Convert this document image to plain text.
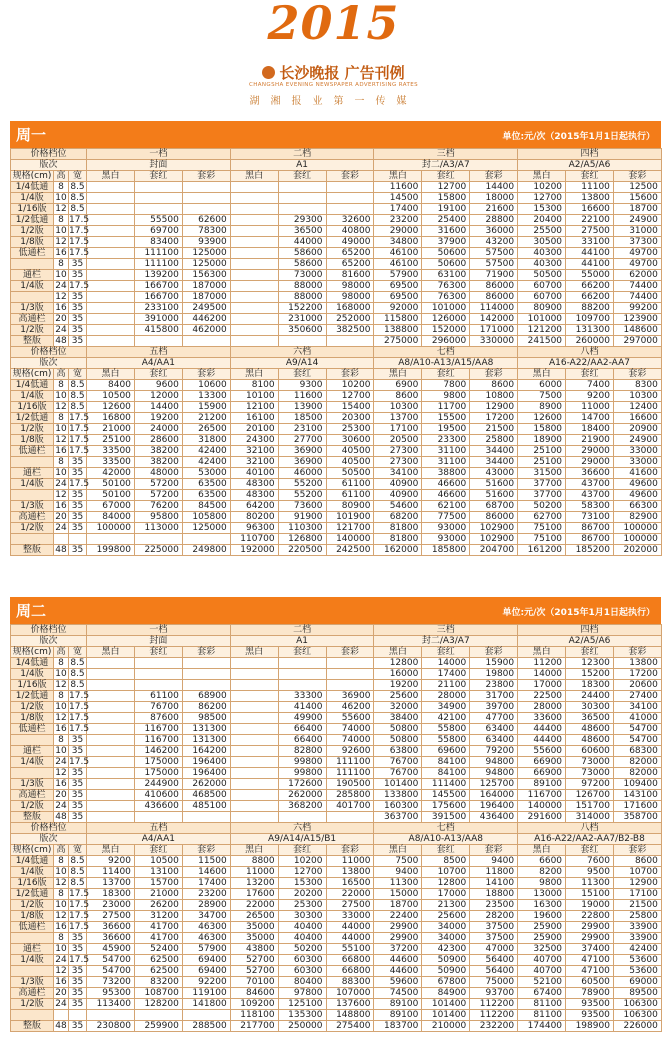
2015
长沙晚报 广告刊例
CHANGSHA EVENING NEWSPAPER ADVERTISING RATES
湖湘报业第一传媒
周一	单位:元/次（2015年1月1日起执行）
价格档位			一档			二档			三档			四档		
版次			封面			A1			封二/A3/A7			A2/A5/A6		
规格(cm)	高	宽	黑白	套红	套彩	黑白	套红	套彩	黑白	套红	套彩	黑白	套红	套彩
1/4低通	8	8.5							11600	12700	14400	10200	11100	12500
1/4版	10	8.5							14500	15800	18000	12700	13800	15600
1/16版	12	8.5							17400	19100	21600	15300	16600	18700
1/2低通	8	17.5		55500	62600		29300	32600	23200	25400	28800	20400	22100	24900
1/2版	10	17.5		69700	78300		36500	40800	29000	31600	36000	25500	27500	31000
1/8版	12	17.5		83400	93900		44000	49000	34800	37900	43200	30500	33100	37300
低通栏	16	17.5		111100	125000		58600	65200	46100	50600	57500	40300	44100	49700
	8	35		111100	125000		58600	65200	46100	50600	57500	40300	44100	49700
通栏	10	35		139200	156300		73000	81600	57900	63100	71900	50500	55000	62000
1/4版	24	17.5		166700	187000		88000	98000	69500	76300	86000	60700	66200	74400
	12	35		166700	187000		88000	98000	69500	76300	86000	60700	66200	74400
1/3版	16	35		233100	249500		152200	168000	92000	101000	114000	80900	88200	99200
高通栏	20	35		391000	446200		231000	252000	115800	126000	142000	101000	109700	123900
1/2版	24	35		415800	462000		350600	382500	138800	152000	171000	121200	131300	148600
整版	48	35							275000	296000	330000	241500	260000	297000
价格档位			五档			六档			七档			八档		
版次			A4/AA1			A9/A14			A8/A10-A13/A15/AA8			A16-A22/AA2-AA7		
规格(cm)	高	宽	黑白	套红	套彩	黑白	套红	套彩	黑白	套红	套彩	黑白	套红	套彩
1/4低通	8	8.5	8400	9600	10600	8100	9300	10200	6900	7800	8600	6000	7400	8300
1/4版	10	8.5	10500	12000	13300	10100	11600	12700	8600	9800	10800	7500	9200	10300
1/16版	12	8.5	12600	14400	15900	12100	13900	15400	10300	11700	12900	8900	11000	12400
1/2低通	8	17.5	16800	19200	21200	16100	18500	20300	13700	15500	17200	12600	14700	16600
1/2版	10	17.5	21000	24000	26500	20100	23100	25300	17100	19500	21500	15800	18400	20900
1/8版	12	17.5	25100	28600	31800	24300	27700	30600	20500	23300	25800	18900	21900	24900
低通栏	16	17.5	33500	38200	42400	32100	36900	40500	27300	31100	34400	25100	29000	33000
	8	35	33500	38200	42400	32100	36900	40500	27300	31100	34400	25100	29000	33000
通栏	10	35	42000	48000	53000	40100	46000	50500	34100	38800	43000	31500	36600	41600
1/4版	24	17.5	50100	57200	63500	48300	55200	61100	40900	46600	51600	37700	43700	49600
	12	35	50100	57200	63500	48300	55200	61100	40900	46600	51600	37700	43700	49600
1/3版	16	35	67000	76200	84500	64200	73600	80900	54600	62100	68700	50200	58300	66300
高通栏	20	35	84000	95800	105800	80200	91900	101900	68200	77500	86000	62700	73100	82900
1/2版	24	35	100000	113000	125000	96300	110300	121700	81800	93000	102900	75100	86700	100000
						110700	126800	140000	81800	93000	102900	75100	86700	100000
整版	48	35	199800	225000	249800	192000	220500	242500	162000	185800	204700	161200	185200	202000
周二	单位:元/次（2015年1月1日起执行）
价格档位			一档			二档			三档			四档		
版次			封面			A1			封二/A3/A7			A2/A5/A6		
规格(cm)	高	宽	黑白	套红	套彩	黑白	套红	套彩	黑白	套红	套彩	黑白	套红	套彩
1/4低通	8	8.5							12800	14000	15900	11200	12300	13800
1/4版	10	8.5							16000	17400	19800	14000	15200	17200
1/16版	12	8.5							19200	21100	23800	17000	18300	20600
1/2低通	8	17.5		61100	68900		33300	36900	25600	28000	31700	22500	24400	27400
1/2版	10	17.5		76700	86200		41400	46200	32000	34900	39700	28000	30300	34100
1/8版	12	17.5		87600	98500		49900	55600	38400	42100	47700	33600	36500	41000
低通栏	16	17.5		116700	131300		66400	74000	50800	55800	63400	44400	48600	54700
	8	35		116700	131300		66400	74000	50800	55800	63400	44400	48600	54700
通栏	10	35		146200	164200		82800	92600	63800	69600	79200	55600	60600	68300
1/4版	24	17.5		175000	196400		99800	111100	76700	84100	94800	66900	73000	82000
	12	35		175000	196400		99800	111100	76700	84100	94800	66900	73000	82000
1/3版	16	35		244900	262000		172600	190500	101400	111400	125700	89100	97200	109400
高通栏	20	35		410600	468500		262000	285800	133800	145500	164000	116700	126700	143100
1/2版	24	35		436600	485100		368200	401700	160300	175600	196400	140000	151700	171600
整版	48	35							363700	391500	436400	291600	314000	358700
价格档位			五档			六档			七档			八档		
版次			A4/AA1			A9/A14/A15/B1			A8/A10-A13/AA8			A16-A22/AA2-AA7/B2-B8		
规格(cm)	高	宽	黑白	套红	套彩	黑白	套红	套彩	黑白	套红	套彩	黑白	套红	套彩
1/4低通	8	8.5	9200	10500	11500	8800	10200	11000	7500	8500	9400	6600	7600	8600
1/4版	10	8.5	11400	13100	14600	11000	12700	13800	9400	10700	11800	8200	9500	10700
1/16版	12	8.5	13700	15700	17400	13200	15300	16500	11300	12800	14100	9800	11300	12900
1/2低通	8	17.5	18300	21000	23200	17600	20200	22000	15000	17000	18800	13000	15100	17100
1/2版	10	17.5	23000	26200	28900	22000	25300	27500	18700	21300	23500	16300	19000	21500
1/8版	12	17.5	27500	31200	34700	26500	30300	33000	22400	25600	28200	19600	22800	25800
低通栏	16	17.5	36600	41700	46300	35000	40400	44000	29900	34000	37500	25900	29900	33900
	8	35	36600	41700	46300	35000	40400	44000	29900	34000	37500	25900	29900	33900
通栏	10	35	45900	52400	57900	43800	50200	55100	37200	42300	47000	32500	37400	42400
1/4版	24	17.5	54700	62500	69400	52700	60300	66800	44600	50900	56400	40700	47100	53600
	12	35	54700	62500	69400	52700	60300	66800	44600	50900	56400	40700	47100	53600
1/3版	16	35	73200	83200	92200	70100	80400	88300	59600	67800	75000	52100	60500	69000
高通栏	20	35	95300	108700	119100	84600	97800	107000	74500	84900	93700	67400	78900	89500
1/2版	24	35	113400	128200	141800	109200	125100	137600	89100	101400	112200	81100	93500	106300
						118100	135300	148800	89100	101400	112200	81100	93500	106300
整版	48	35	230800	259900	288500	217700	250000	275400	183700	210000	232200	174400	198900	226000
